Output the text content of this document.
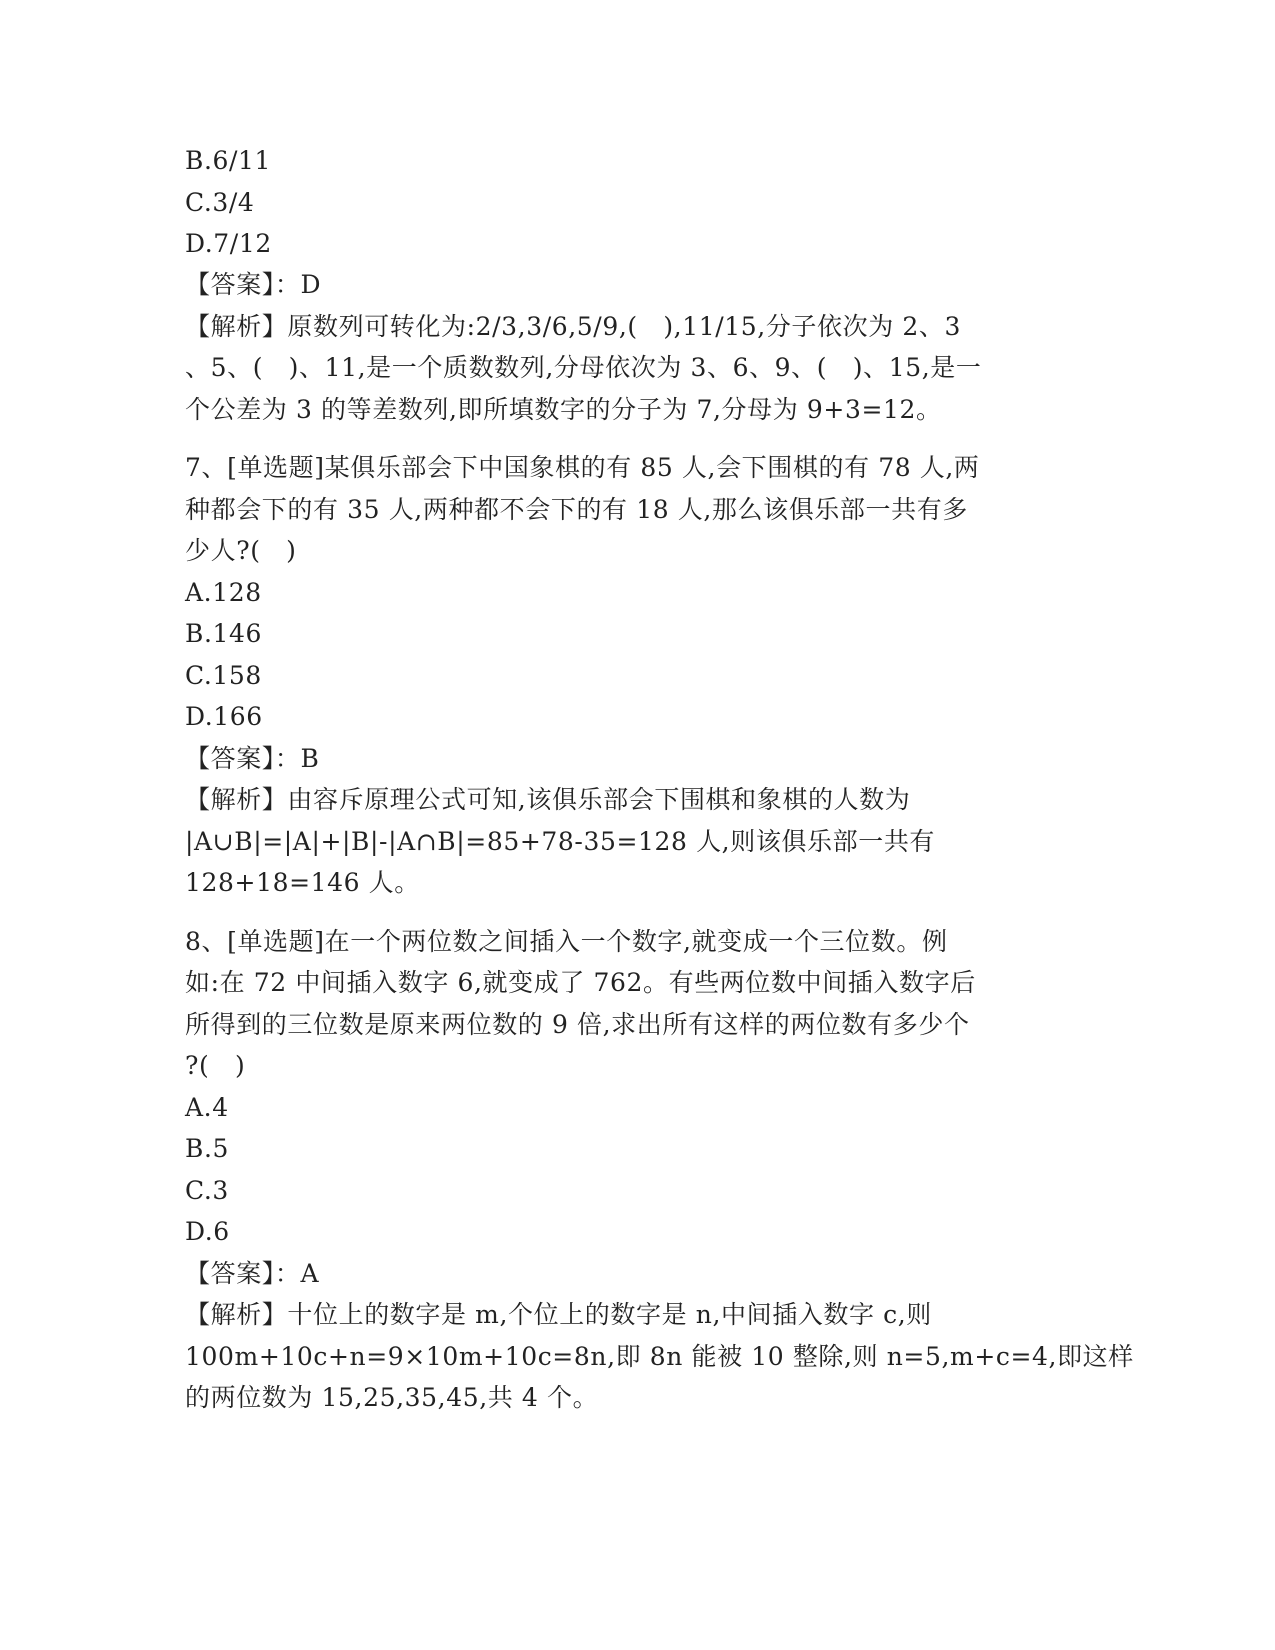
B.6/11
C.3/4
D.7/12
【答案】：D
【解析】原数列可转化为:2/3,3/6,5/9,(　),11/15,分子依次为 2、3
、5、(　)、11,是一个质数数列,分母依次为 3、6、9、(　)、15,是一
个公差为 3 的等差数列,即所填数字的分子为 7,分母为 9+3=12。
7、[单选题]某俱乐部会下中国象棋的有 85 人,会下围棋的有 78 人,两
种都会下的有 35 人,两种都不会下的有 18 人,那么该俱乐部一共有多
少人?(　)
A.128
B.146
C.158
D.166
【答案】：B
【解析】由容斥原理公式可知,该俱乐部会下围棋和象棋的人数为
|A∪B|=|A|+|B|-|A∩B|=85+78-35=128 人,则该俱乐部一共有
128+18=146 人。
8、[单选题]在一个两位数之间插入一个数字,就变成一个三位数。例
如:在 72 中间插入数字 6,就变成了 762。有些两位数中间插入数字后
所得到的三位数是原来两位数的 9 倍,求出所有这样的两位数有多少个
?(　)
A.4
B.5
C.3
D.6
【答案】：A
【解析】十位上的数字是 m,个位上的数字是 n,中间插入数字 c,则
100m+10c+n=9×10m+10c=8n,即 8n 能被 10 整除,则 n=5,m+c=4,即这样
的两位数为 15,25,35,45,共 4 个。
